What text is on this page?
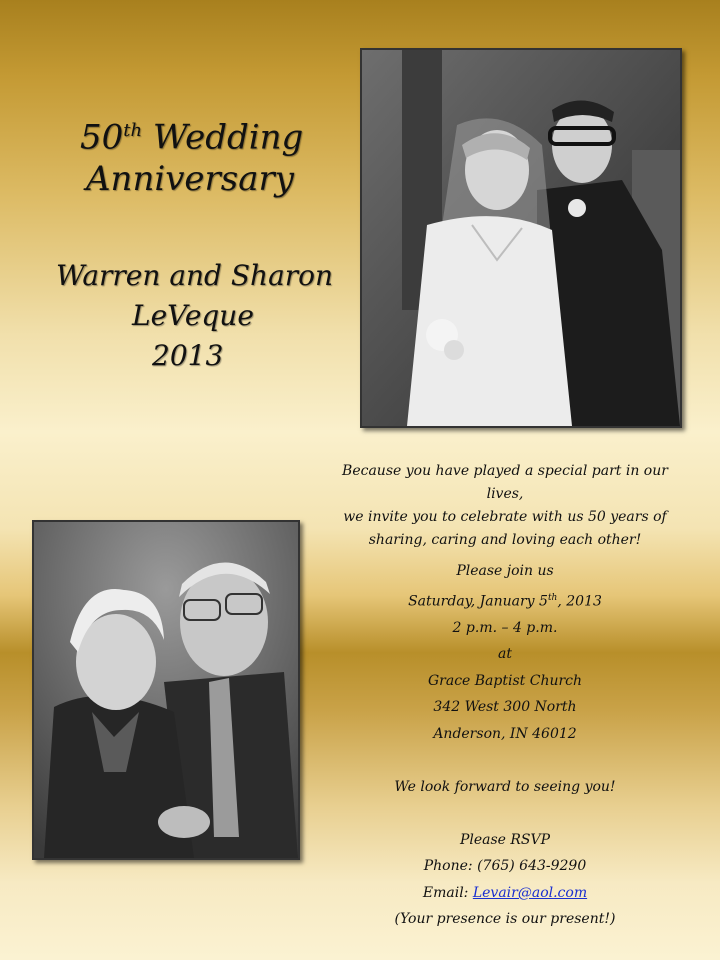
50th Wedding
Anniversary
Warren and Sharon
LeVeque
2013

Because you have played a special part in our lives,

we invite you to celebrate with us 50 years of

sharing, caring and loving each other!

Please join us

Saturday, January 5th, 2013

2 p.m. – 4 p.m.

at

Grace Baptist Church

342 West 300 North

Anderson, IN 46012

We look forward to seeing you!

Please RSVP

Phone: (765) 643-9290

Email: Levair@aol.com

(Your presence is our present!)
